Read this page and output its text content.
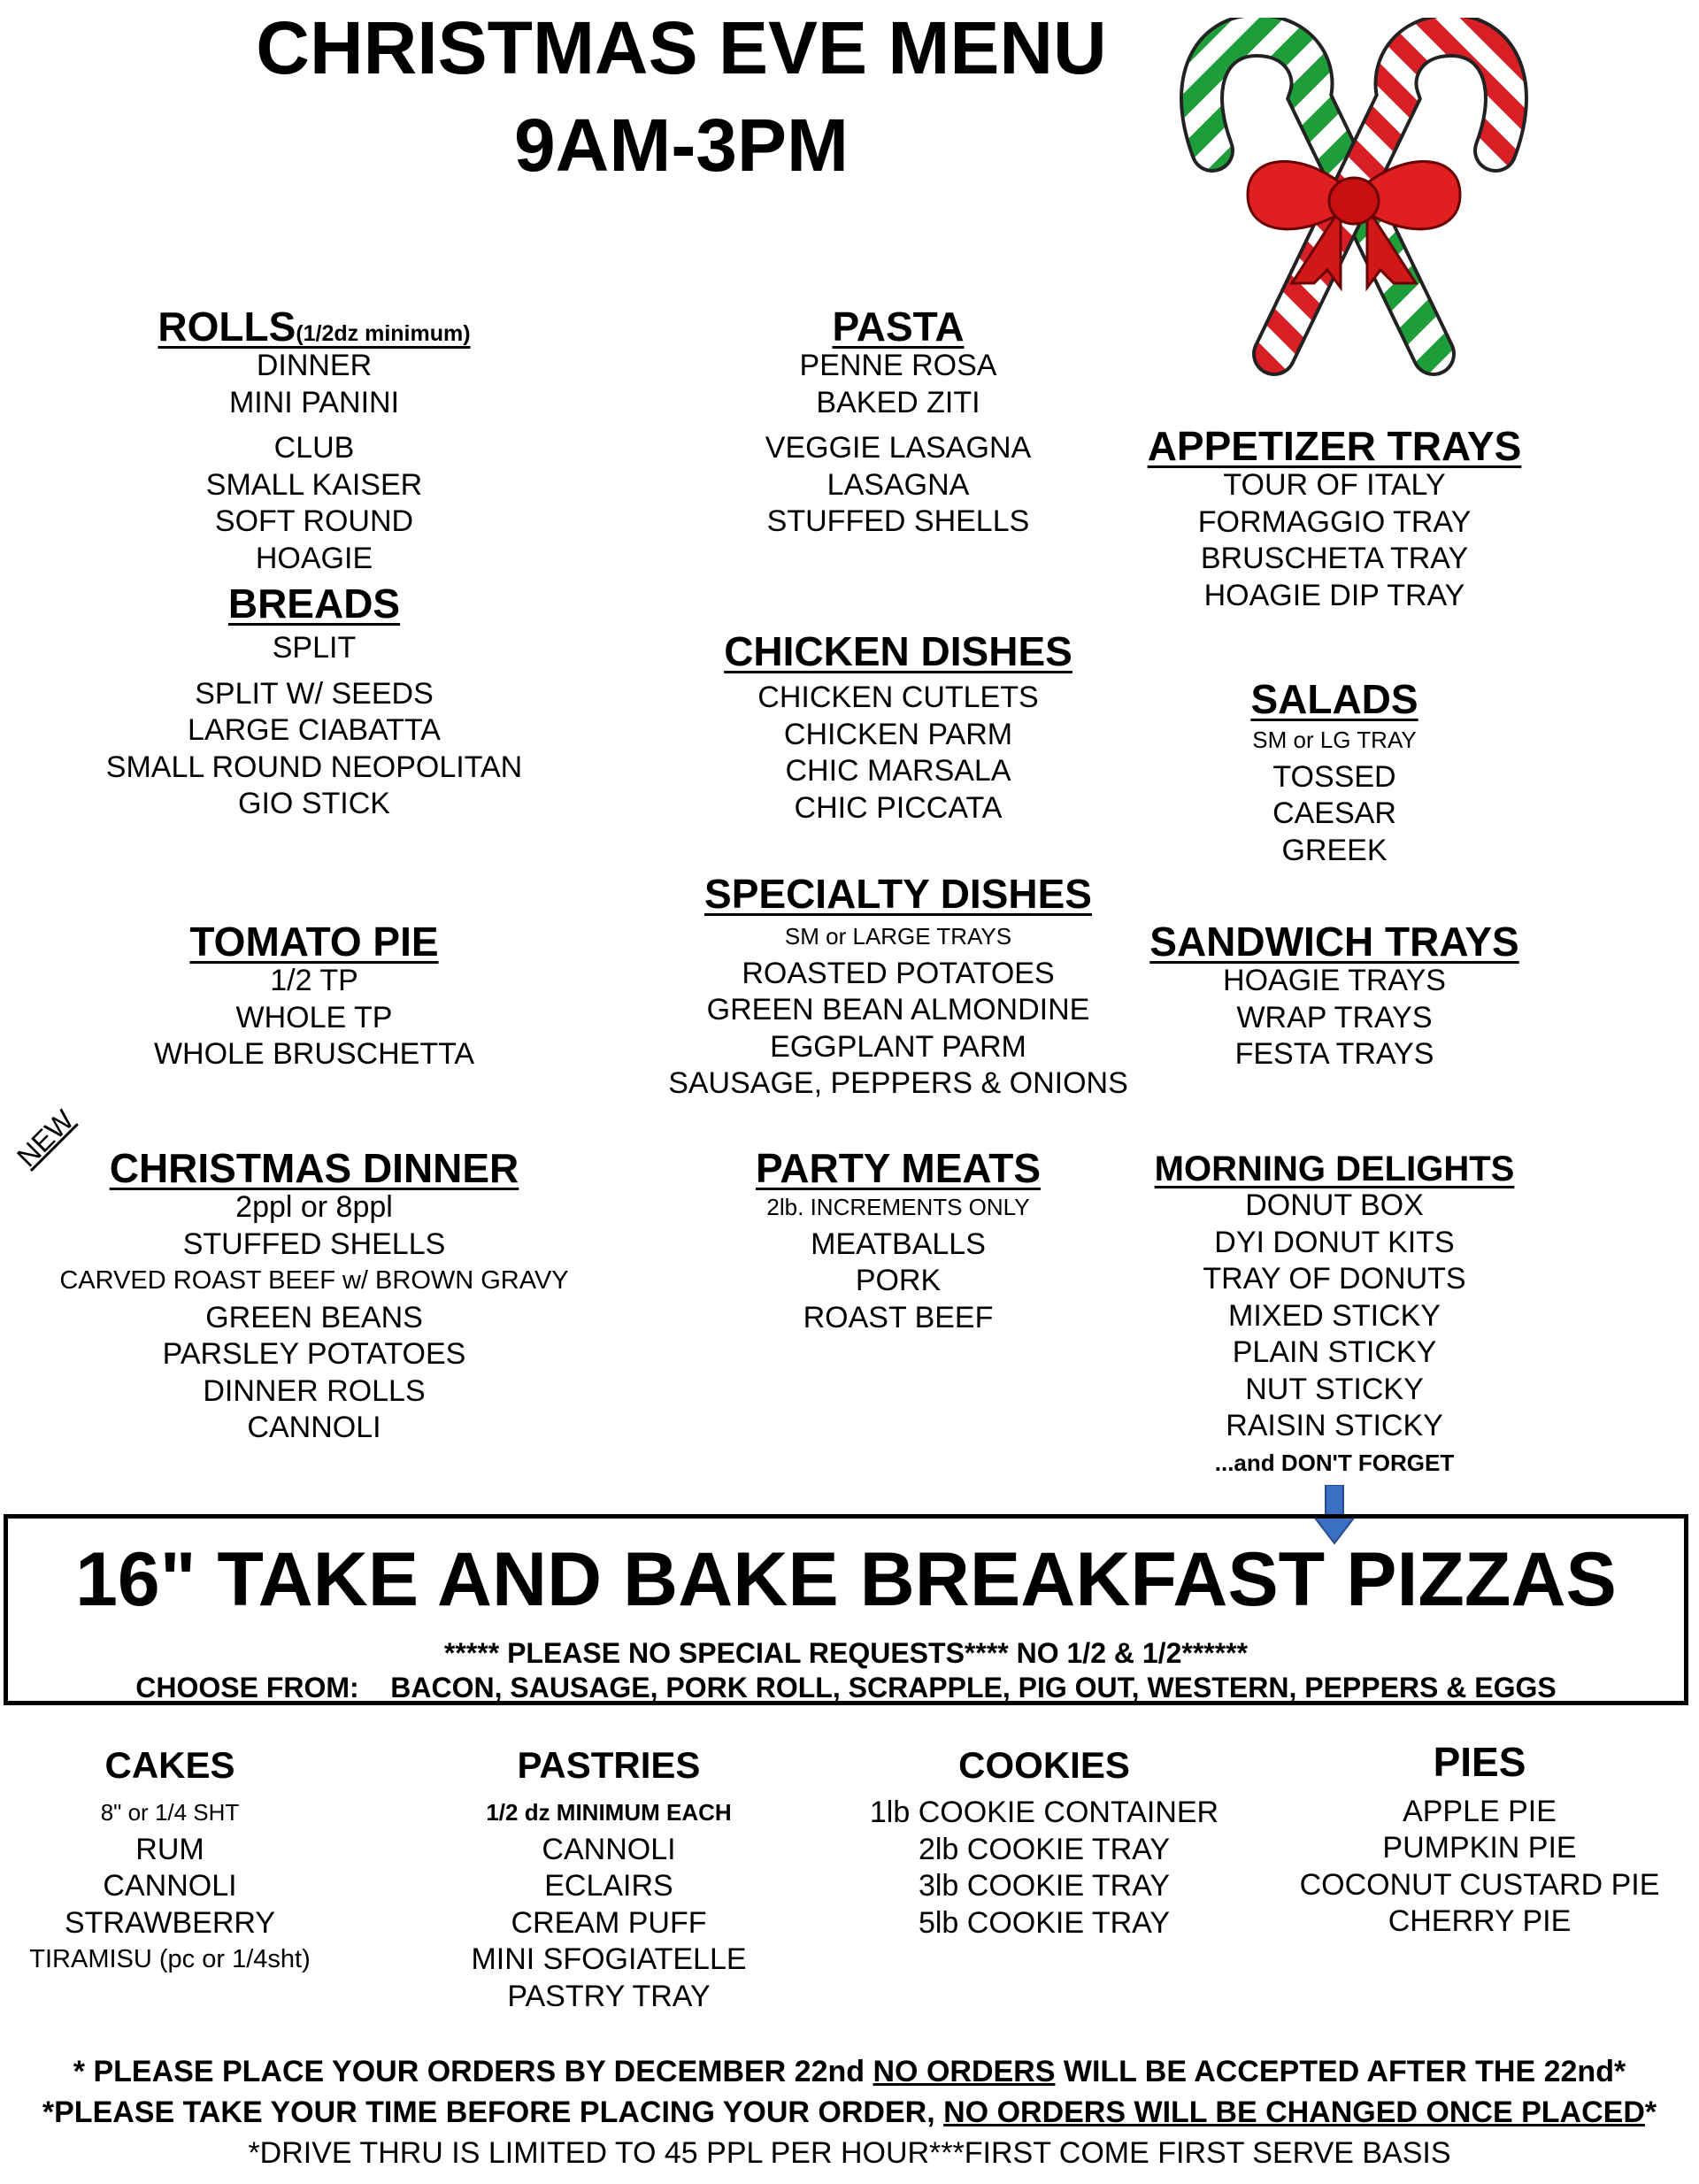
CHRISTMAS EVE MENU
9AM-3PM
ROLLS(1/2dz minimum)
DINNER
MINI PANINI
CLUB
SMALL KAISER
SOFT ROUND
HOAGIE
BREADS
SPLIT
SPLIT W/ SEEDS
LARGE CIABATTA
SMALL ROUND NEOPOLITAN
GIO STICK
TOMATO PIE
1/2 TP
WHOLE TP
WHOLE BRUSCHETTA
NEW CHRISTMAS DINNER
2ppl or 8ppl
STUFFED SHELLS
CARVED ROAST BEEF w/ BROWN GRAVY
GREEN BEANS
PARSLEY POTATOES
DINNER ROLLS
CANNOLI
PASTA
PENNE ROSA
BAKED ZITI
VEGGIE LASAGNA
LASAGNA
STUFFED SHELLS
CHICKEN DISHES
CHICKEN CUTLETS
CHICKEN PARM
CHIC MARSALA
CHIC PICCATA
SPECIALTY DISHES
SM or LARGE TRAYS
ROASTED POTATOES
GREEN BEAN ALMONDINE
EGGPLANT PARM
SAUSAGE, PEPPERS & ONIONS
PARTY MEATS
2lb. INCREMENTS ONLY
MEATBALLS
PORK
ROAST BEEF
APPETIZER TRAYS
TOUR OF ITALY
FORMAGGIO TRAY
BRUSCHETA TRAY
HOAGIE DIP TRAY
SALADS
SM or LG TRAY
TOSSED
CAESAR
GREEK
SANDWICH TRAYS
HOAGIE TRAYS
WRAP TRAYS
FESTA TRAYS
MORNING DELIGHTS
DONUT BOX
DYI DONUT KITS
TRAY OF DONUTS
MIXED STICKY
PLAIN STICKY
NUT STICKY
RAISIN STICKY
...and DON'T FORGET
16" TAKE AND BAKE BREAKFAST PIZZAS
***** PLEASE NO SPECIAL REQUESTS**** NO 1/2 & 1/2******
CHOOSE FROM: BACON, SAUSAGE, PORK ROLL, SCRAPPLE, PIG OUT, WESTERN, PEPPERS & EGGS
CAKES
8" or 1/4 SHT
RUM
CANNOLI
STRAWBERRY
TIRAMISU (pc or 1/4sht)
PASTRIES
1/2 dz MINIMUM EACH
CANNOLI
ECLAIRS
CREAM PUFF
MINI SFOGIATELLE
PASTRY TRAY
COOKIES
1lb COOKIE CONTAINER
2lb COOKIE TRAY
3lb COOKIE TRAY
5lb COOKIE TRAY
PIES
APPLE PIE
PUMPKIN PIE
COCONUT CUSTARD PIE
CHERRY PIE
* PLEASE PLACE YOUR ORDERS BY DECEMBER 22nd NO ORDERS WILL BE ACCEPTED AFTER THE 22nd*
*PLEASE TAKE YOUR TIME BEFORE PLACING YOUR ORDER, NO ORDERS WILL BE CHANGED ONCE PLACED*
*DRIVE THRU IS LIMITED TO 45 PPL PER HOUR***FIRST COME FIRST SERVE BASIS
